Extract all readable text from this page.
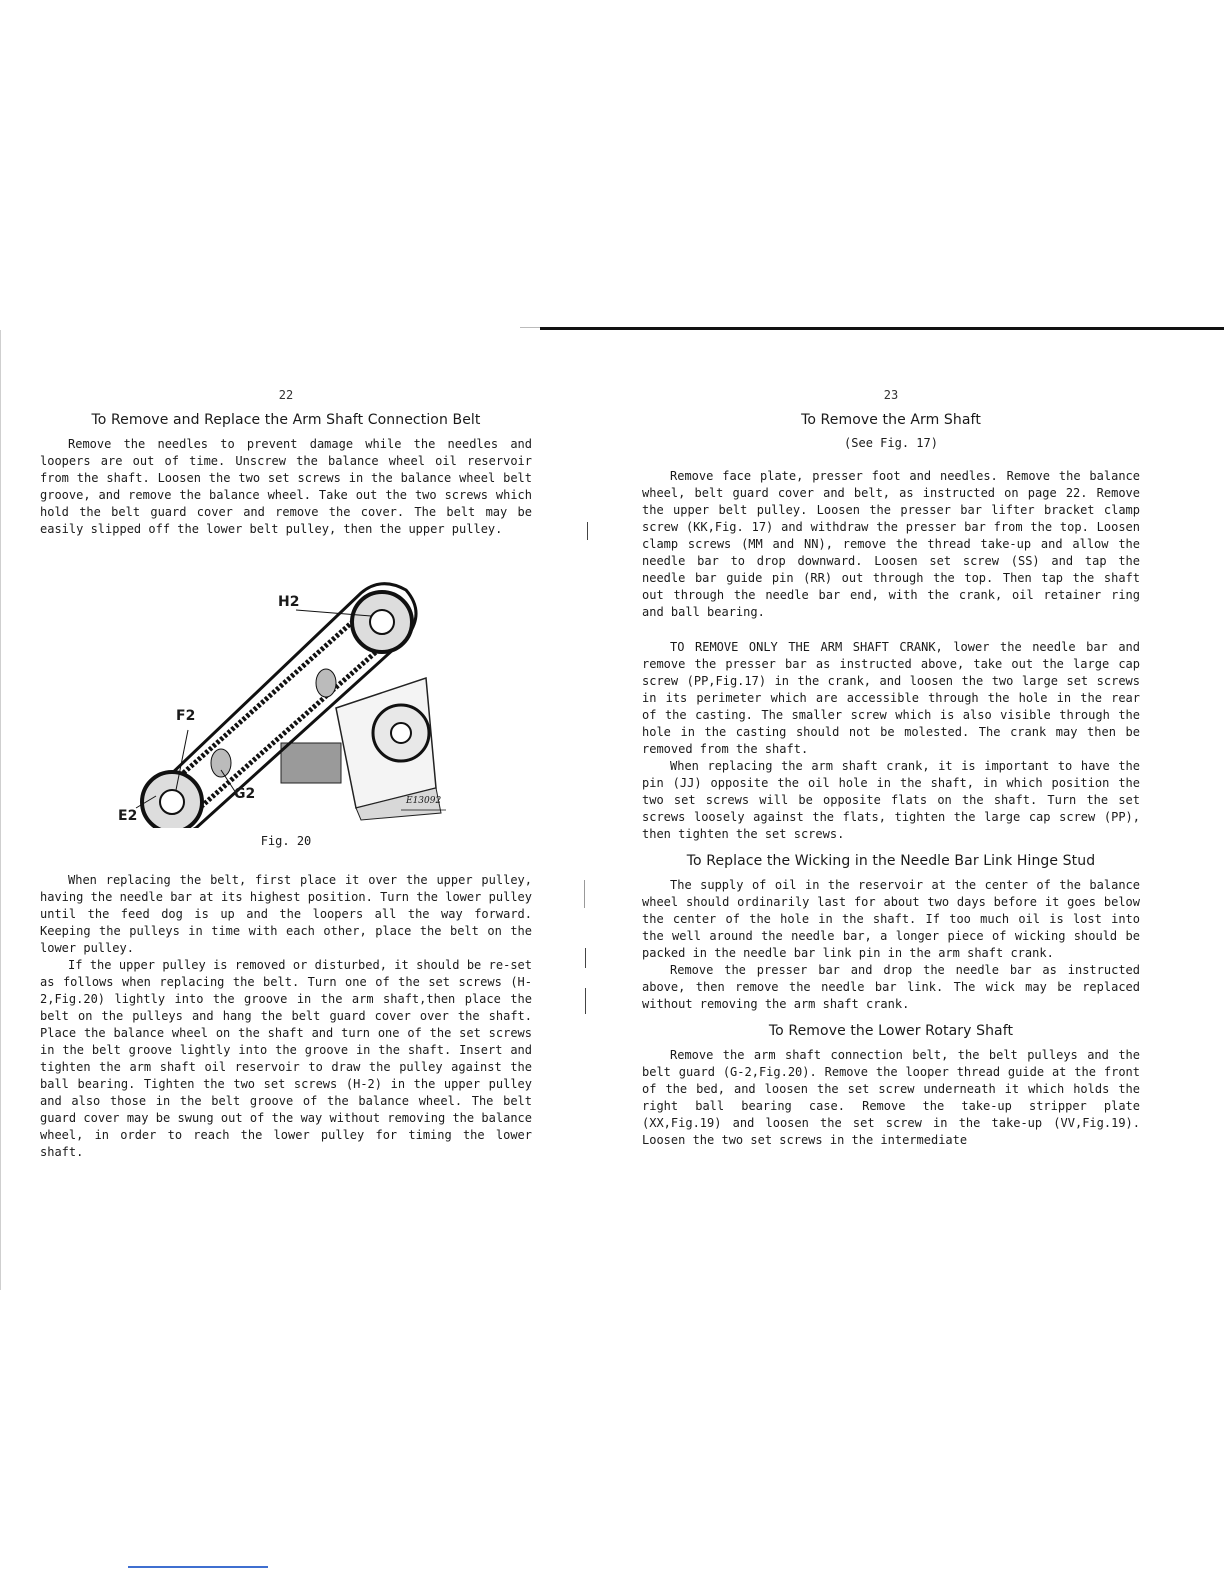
22
To Remove and Replace the Arm Shaft Connection Belt

Remove the needles to prevent damage while the needles and loopers are out of time. Unscrew the balance wheel oil reservoir from the shaft. Loosen the two set screws in the balance wheel belt groove, and remove the balance wheel. Take out the two screws which hold the belt guard cover and remove the cover. The belt may be easily slipped off the lower belt pulley, then the upper pulley.

H2
F2
G2
E2
E13092
Fig. 20

When replacing the belt, first place it over the upper pulley, having the needle bar at its highest position. Turn the lower pulley until the feed dog is up and the loopers all the way forward. Keeping the pulleys in time with each other, place the belt on the lower pulley.

If the upper pulley is removed or disturbed, it should be re-set as follows when replacing the belt. Turn one of the set screws (H-2,Fig.20) lightly into the groove in the arm shaft,then place the belt on the pulleys and hang the belt guard cover over the shaft. Place the balance wheel on the shaft and turn one of the set screws in the belt groove lightly into the groove in the shaft. Insert and tighten the arm shaft oil reservoir to draw the pulley against the ball bearing. Tighten the two set screws (H-2) in the upper pulley and also those in the belt groove of the balance wheel. The belt guard cover may be swung out of the way without removing the balance wheel, in order to reach the lower pulley for timing the lower shaft.

23
To Remove the Arm Shaft
(See Fig. 17)

Remove face plate, presser foot and needles. Remove the balance wheel, belt guard cover and belt, as instructed on page 22. Remove the upper belt pulley. Loosen the presser bar lifter bracket clamp screw (KK,Fig. 17) and withdraw the presser bar from the top. Loosen clamp screws (MM and NN), remove the thread take-up and allow the needle bar to drop downward. Loosen set screw (SS) and tap the needle bar guide pin (RR) out through the top. Then tap the shaft out through the needle bar end, with the crank, oil retainer ring and ball bearing.

TO REMOVE ONLY THE ARM SHAFT CRANK, lower the needle bar and remove the presser bar as instructed above, take out the large cap screw (PP,Fig.17) in the crank, and loosen the two large set screws in its perimeter which are accessible through the hole in the rear of the casting. The smaller screw which is also visible through the hole in the casting should not be molested. The crank may then be removed from the shaft.

When replacing the arm shaft crank, it is important to have the pin (JJ) opposite the oil hole in the shaft, in which position the two set screws will be opposite flats on the shaft. Turn the set screws loosely against the flats, tighten the large cap screw (PP), then tighten the set screws.

To Replace the Wicking in the Needle Bar Link Hinge Stud

The supply of oil in the reservoir at the center of the balance wheel should ordinarily last for about two days before it goes below the center of the hole in the shaft. If too much oil is lost into the well around the needle bar, a longer piece of wicking should be packed in the needle bar link pin in the arm shaft crank.

Remove the presser bar and drop the needle bar as instructed above, then remove the needle bar link. The wick may be replaced without removing the arm shaft crank.

To Remove the Lower Rotary Shaft

Remove the arm shaft connection belt, the belt pulleys and the belt guard (G-2,Fig.20). Remove the looper thread guide at the front of the bed, and loosen the set screw underneath it which holds the right ball bearing case. Remove the take-up stripper plate (XX,Fig.19) and loosen the set screw in the take-up (VV,Fig.19). Loosen the two set screws in the intermediate
